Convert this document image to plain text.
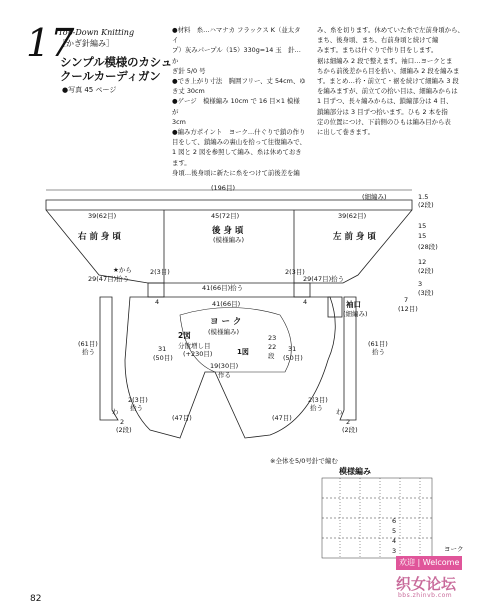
17
Top-Down Knitting
［かぎ針編み］
シンプル模様のカシュ
クールカーディガン
●写真 45 ページ

●材料　糸…ハマナカ フラックス K（並太タイ

プ）灰みパープル（15）330g=14 玉　針…か

ぎ針 5/0 号

●でき上がり寸法　胸囲フリー、丈 54cm、ゆ

き丈 30cm

●ゲージ　模様編み 10cm で 16 目×1 模様が

3cm

●編み方ポイント　ヨーク…什ぐりで鎖の作り

目をして、鎖編みの裏山を拾って往復編みで、

1 図と 2 図を参照して編み、糸は休めておきます。

身頃…後身頃に新たに糸をつけて前後差を編

み、糸を切ります。休めていた糸で左前身頃から、

まち、後身頃、まち、右前身頃と続けて編

みます。まちは什ぐりで作り目をします。

裾は細編み 2 段で整えます。袖口…ヨークとま

ちから前後差から目を拾い、細編み 2 段を編みま

す。まとめ…衿・前立て・裾を続けて細編み 3 段

を編みますが、前立ての拾い目は、細編みからは

1 目ずつ、長々編みからは、鎖編部分は 4 目、

鎖編部分は 3 目ずつ拾います。ひも 2 本を指

定の位置につけ、下前側のひもは編み目から表

に出して巻きます。

(196目)
(細編み)
39(62目)	45(72目)	39(62目)
右 前 身 頃
後 身 頃
(模様編み)	左 前 身 頃
1.5
(2段)
15
15
(28段)
12
(2段)
3
(3段)
★から
29(47目)拾う	29(47目)拾う
2(3目)	2(3目)
41(66目)拾う
41(66目)
4	4
ヨ ー ク
(模様編み)
2図
分散増し目
(+230目)	1図
19(30目)
作る
23
22
段
31
(50目)
31
(50目)
(61目)
拾う
(61目)
拾う
袖口
(細編み)
7
(12目)
2(3目)
拾う
2(3目)
拾う
(47目)	(47目)
わ	わ
2
(2段)
2
(2段)
※全体を5/0号針で編む
模様編み
6
5
4
3	ヨーク
82
欢迎 | Welcome
织女论坛
bbs.zhinvb.com
